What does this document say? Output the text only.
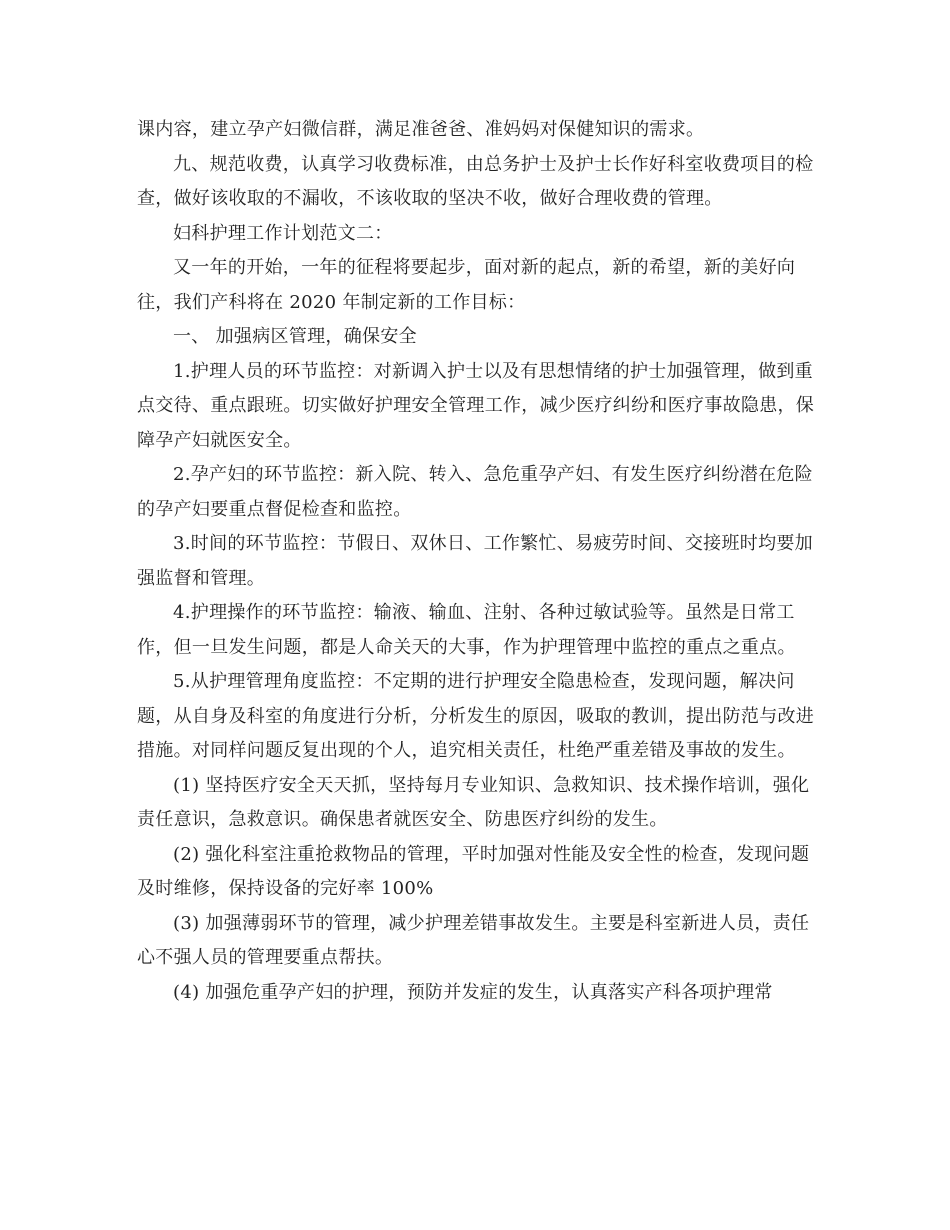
课内容，建立孕产妇微信群，满足准爸爸、准妈妈对保健知识的需求。

九、规范收费，认真学习收费标准，由总务护士及护士长作好科室收费项目的检查，做好该收取的不漏收，不该收取的坚决不收，做好合理收费的管理。

妇科护理工作计划范文二：

又一年的开始，一年的征程将要起步，面对新的起点，新的希望，新的美好向往，我们产科将在 2020 年制定新的工作目标：

一、 加强病区管理，确保安全

1.护理人员的环节监控：对新调入护士以及有思想情绪的护士加强管理，做到重点交待、重点跟班。切实做好护理安全管理工作，减少医疗纠纷和医疗事故隐患，保障孕产妇就医安全。

2.孕产妇的环节监控：新入院、转入、急危重孕产妇、有发生医疗纠纷潜在危险的孕产妇要重点督促检查和监控。

3.时间的环节监控：节假日、双休日、工作繁忙、易疲劳时间、交接班时均要加强监督和管理。

4.护理操作的环节监控：输液、输血、注射、各种过敏试验等。虽然是日常工作，但一旦发生问题，都是人命关天的大事，作为护理管理中监控的重点之重点。

5.从护理管理角度监控：不定期的进行护理安全隐患检查，发现问题，解决问题，从自身及科室的角度进行分析，分析发生的原因，吸取的教训，提出防范与改进措施。对同样问题反复出现的个人，追究相关责任，杜绝严重差错及事故的发生。

(1) 坚持医疗安全天天抓，坚持每月专业知识、急救知识、技术操作培训，强化责任意识，急救意识。确保患者就医安全、防患医疗纠纷的发生。

(2) 强化科室注重抢救物品的管理，平时加强对性能及安全性的检查，发现问题及时维修，保持设备的完好率 100%

(3) 加强薄弱环节的管理，减少护理差错事故发生。主要是科室新进人员，责任心不强人员的管理要重点帮扶。

(4) 加强危重孕产妇的护理，预防并发症的发生，认真落实产科各项护理常
